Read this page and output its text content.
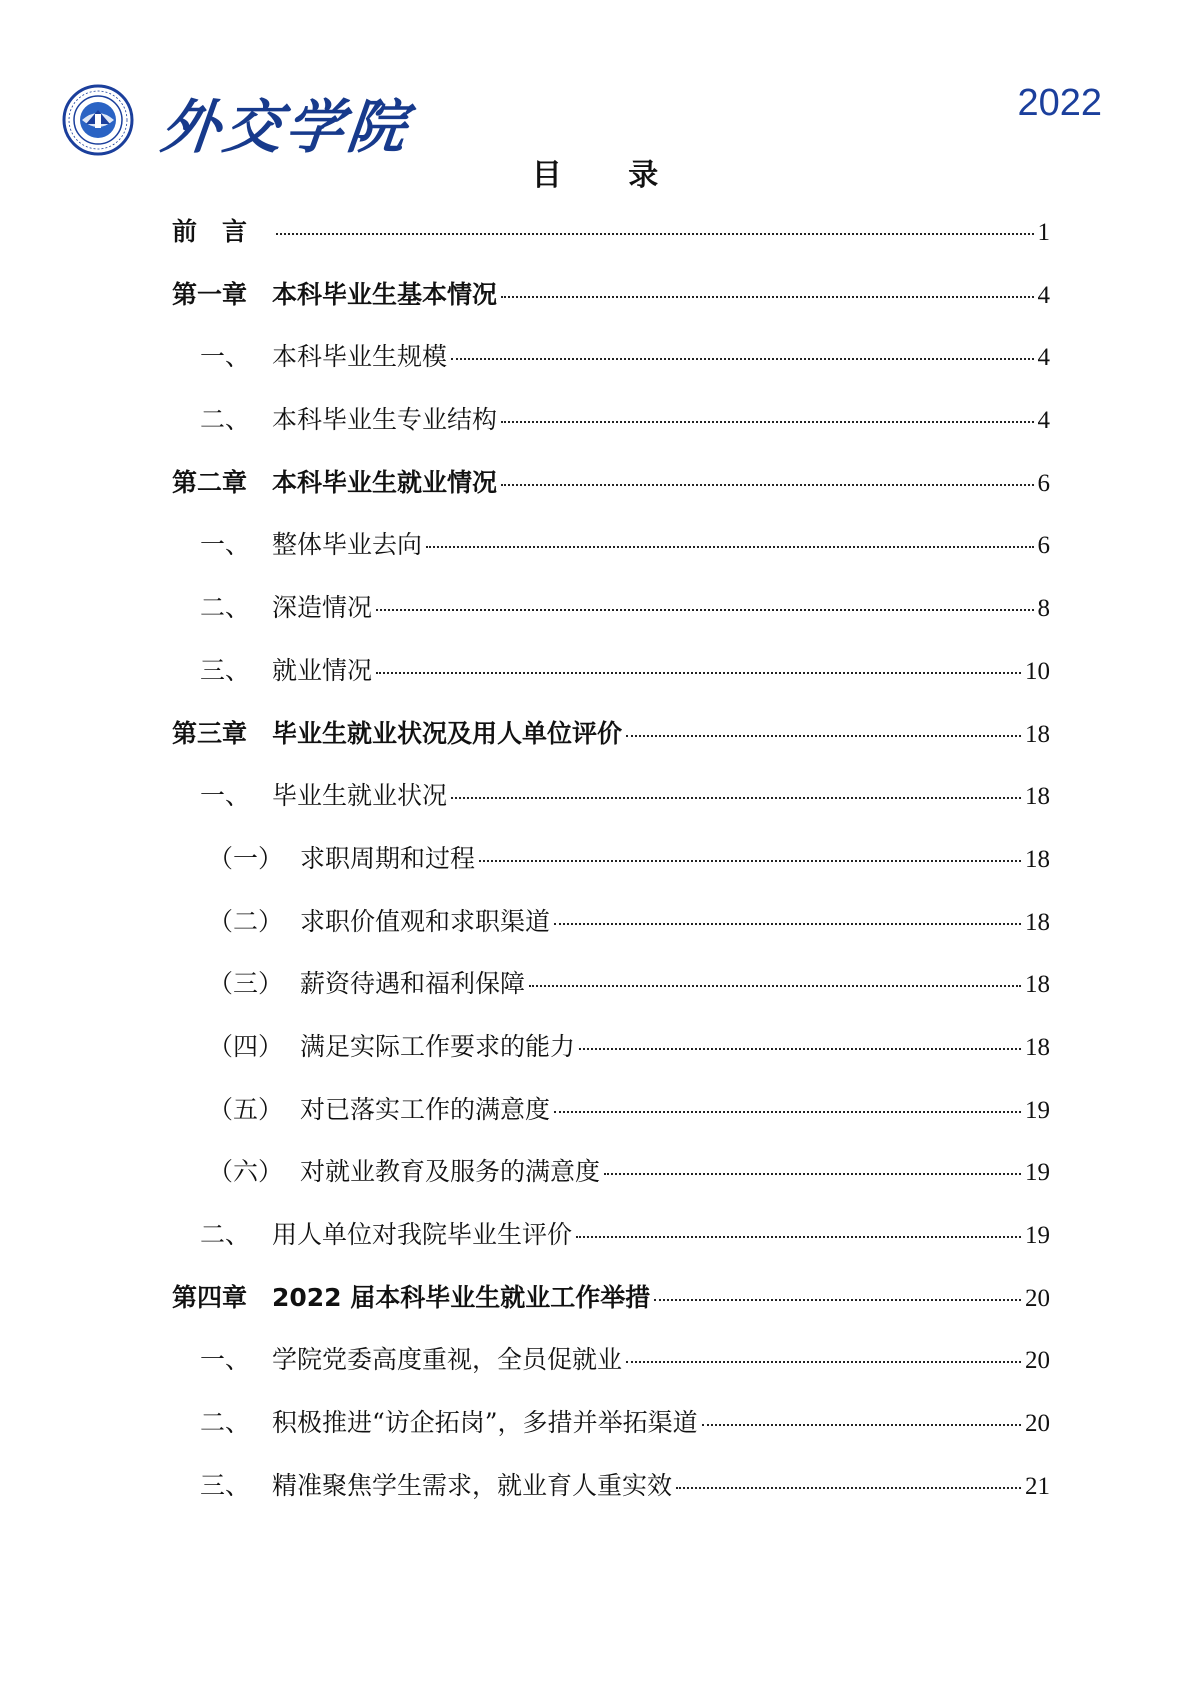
外交学院	2022
目 录
前　言	1
第一章 本科毕业生基本情况	4
一、 本科毕业生规模	4
二、 本科毕业生专业结构	4
第二章 本科毕业生就业情况	6
一、 整体毕业去向	6
二、 深造情况	8
三、 就业情况	10
第三章 毕业生就业状况及用人单位评价	18
一、 毕业生就业状况	18
（一） 求职周期和过程	18
（二） 求职价值观和求职渠道	18
（三） 薪资待遇和福利保障	18
（四） 满足实际工作要求的能力	18
（五） 对已落实工作的满意度	19
（六） 对就业教育及服务的满意度	19
二、 用人单位对我院毕业生评价	19
第四章 2022 届本科毕业生就业工作举措	20
一、 学院党委高度重视，全员促就业	20
二、 积极推进“访企拓岗”，多措并举拓渠道	20
三、 精准聚焦学生需求，就业育人重实效	21
